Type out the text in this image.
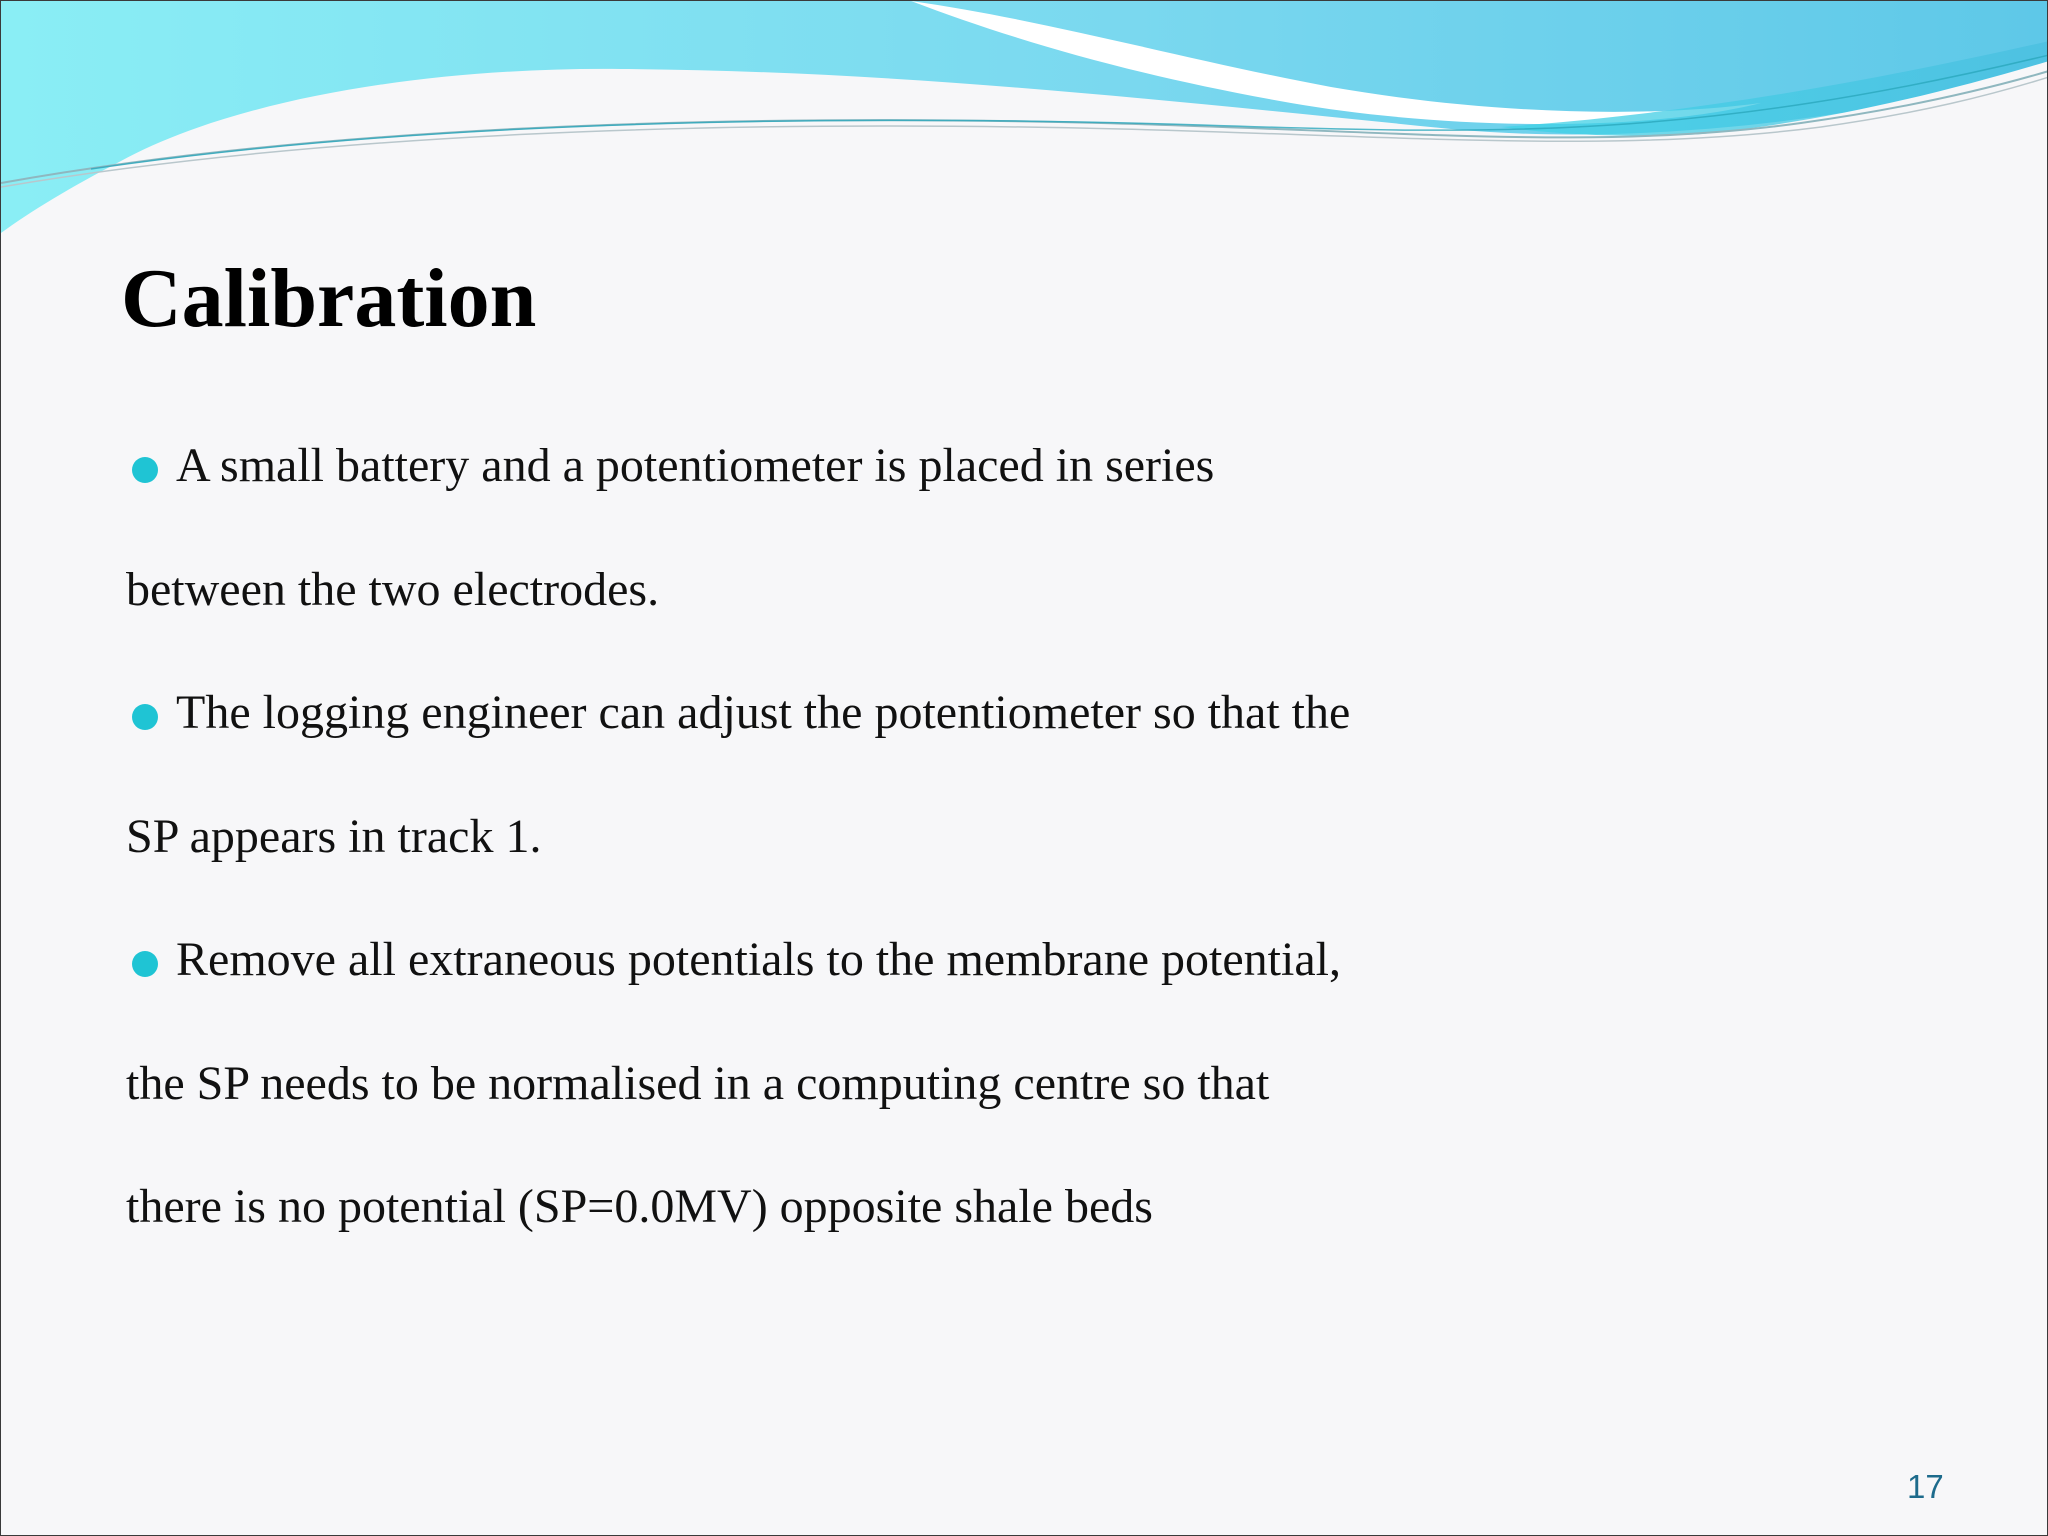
Calibration
A small battery and a potentiometer is placed in series
between the two electrodes.
The logging engineer can adjust the potentiometer so that the
SP appears in track 1.
Remove all extraneous potentials to the membrane potential,
the SP needs to be normalised in a computing centre so that
there is no potential (SP=0.0MV) opposite shale beds
17
